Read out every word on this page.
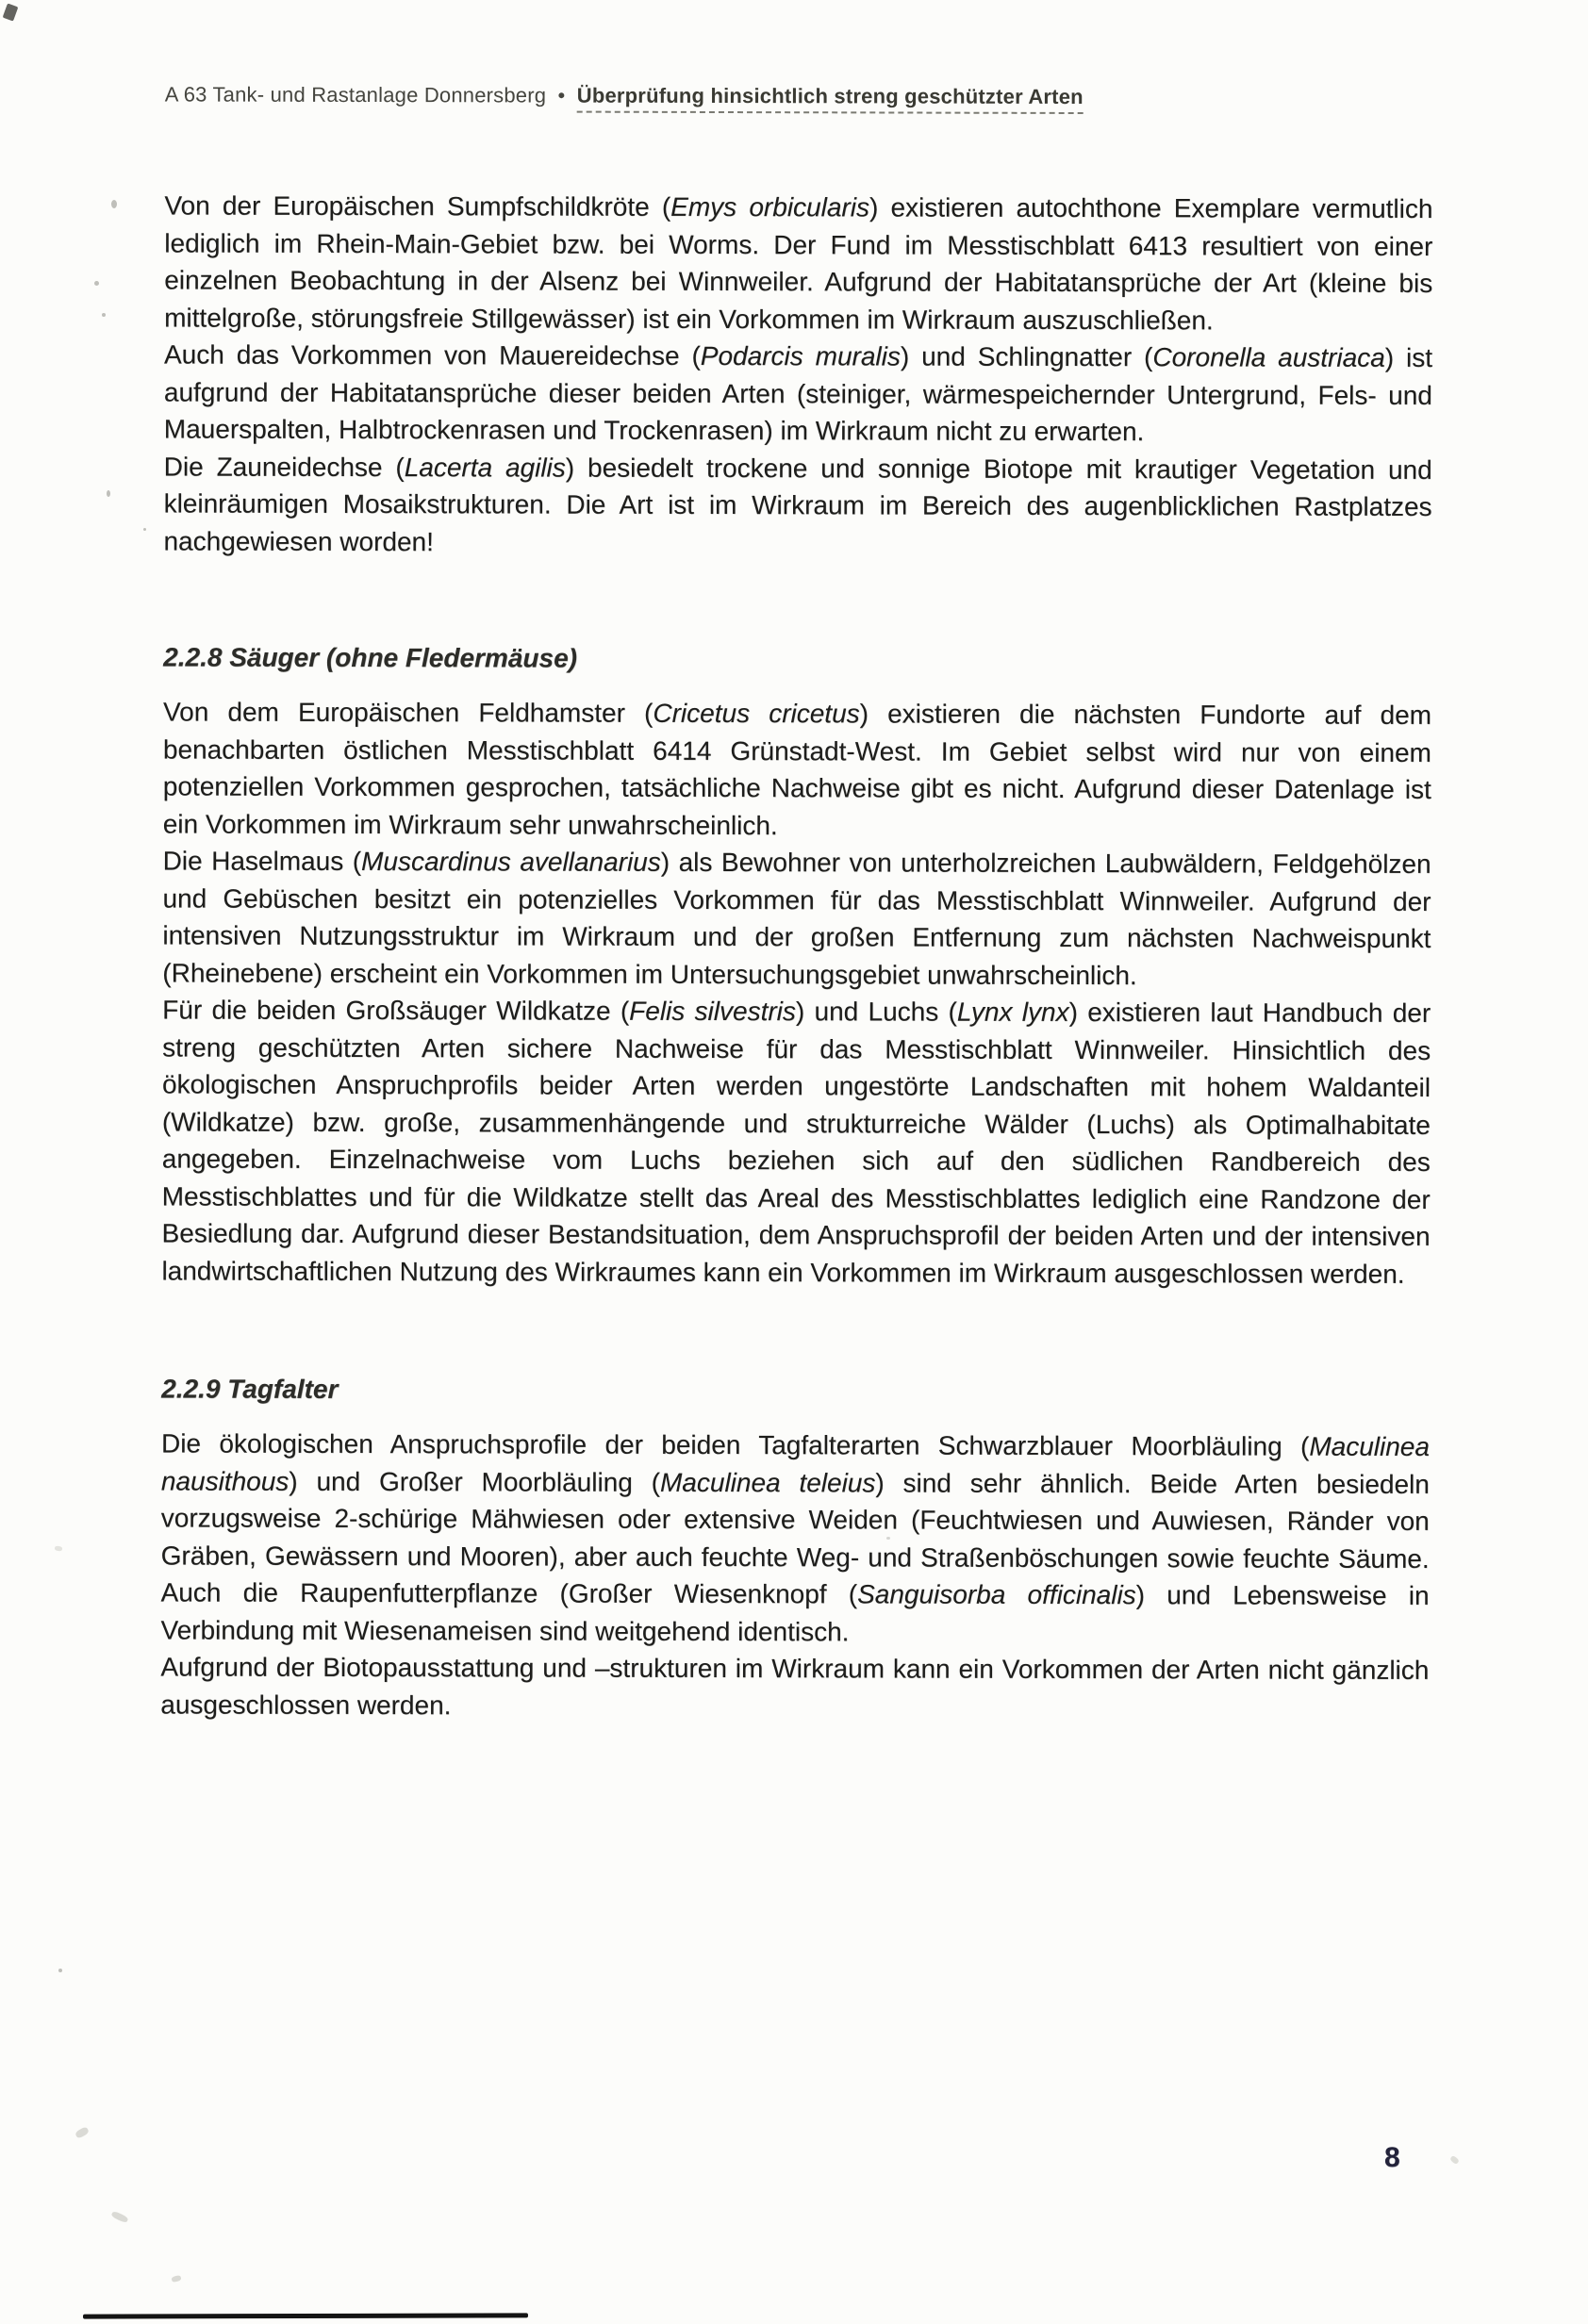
A 63 Tank- und Rastanlage Donnersberg • Überprüfung hinsichtlich streng geschützter Arten

Von der Europäischen Sumpfschildkröte (Emys orbicularis) existieren autochthone Exemplare vermutlich lediglich im Rhein-Main-Gebiet bzw. bei Worms. Der Fund im Messtischblatt 6413 resultiert von einer einzelnen Beobachtung in der Alsenz bei Winnweiler. Aufgrund der Habitatansprüche der Art (kleine bis mittelgroße, störungsfreie Stillgewässer) ist ein Vorkommen im Wirkraum auszuschließen.

Auch das Vorkommen von Mauereidechse (Podarcis muralis) und Schlingnatter (Coronella austriaca) ist aufgrund der Habitatansprüche dieser beiden Arten (steiniger, wärmespeichernder Untergrund, Fels- und Mauerspalten, Halbtrockenrasen und Trockenrasen) im Wirkraum nicht zu erwarten.

Die Zauneidechse (Lacerta agilis) besiedelt trockene und sonnige Biotope mit krautiger Vegetation und kleinräumigen Mosaikstrukturen. Die Art ist im Wirkraum im Bereich des augenblicklichen Rastplatzes nachgewiesen worden!

2.2.8 Säuger (ohne Fledermäuse)

Von dem Europäischen Feldhamster (Cricetus cricetus) existieren die nächsten Fundorte auf dem benachbarten östlichen Messtischblatt 6414 Grünstadt-West. Im Gebiet selbst wird nur von einem potenziellen Vorkommen gesprochen, tatsächliche Nachweise gibt es nicht. Aufgrund dieser Datenlage ist ein Vorkommen im Wirkraum sehr unwahrscheinlich.

Die Haselmaus (Muscardinus avellanarius) als Bewohner von unterholzreichen Laubwäldern, Feldgehölzen und Gebüschen besitzt ein potenzielles Vorkommen für das Messtischblatt Winnweiler. Aufgrund der intensiven Nutzungsstruktur im Wirkraum und der großen Entfernung zum nächsten Nachweispunkt (Rheinebene) erscheint ein Vorkommen im Untersuchungsgebiet unwahrscheinlich.

Für die beiden Großsäuger Wildkatze (Felis silvestris) und Luchs (Lynx lynx) existieren laut Handbuch der streng geschützten Arten sichere Nachweise für das Messtischblatt Winnweiler. Hinsichtlich des ökologischen Anspruchprofils beider Arten werden ungestörte Landschaften mit hohem Waldanteil (Wildkatze) bzw. große, zusammenhängende und strukturreiche Wälder (Luchs) als Optimalhabitate angegeben. Einzelnachweise vom Luchs beziehen sich auf den südlichen Randbereich des Messtischblattes und für die Wildkatze stellt das Areal des Messtischblattes lediglich eine Randzone der Besiedlung dar. Aufgrund dieser Bestandsituation, dem Anspruchsprofil der beiden Arten und der intensiven landwirtschaftlichen Nutzung des Wirkraumes kann ein Vorkommen im Wirkraum ausgeschlossen werden.

2.2.9 Tagfalter

Die ökologischen Anspruchsprofile der beiden Tagfalterarten Schwarzblauer Moorbläuling (Maculinea nausithous) und Großer Moorbläuling (Maculinea teleius) sind sehr ähnlich. Beide Arten besiedeln vorzugsweise 2-schürige Mähwiesen oder extensive Weiden (Feuchtwiesen und Auwiesen, Ränder von Gräben, Gewässern und Mooren), aber auch feuchte Weg- und Straßenböschungen sowie feuchte Säume. Auch die Raupenfutterpflanze (Großer Wiesenknopf (Sanguisorba officinalis) und Lebensweise in Verbindung mit Wiesenameisen sind weitgehend identisch.

Aufgrund der Biotopausstattung und –strukturen im Wirkraum kann ein Vorkommen der Arten nicht gänzlich ausgeschlossen werden.

8
